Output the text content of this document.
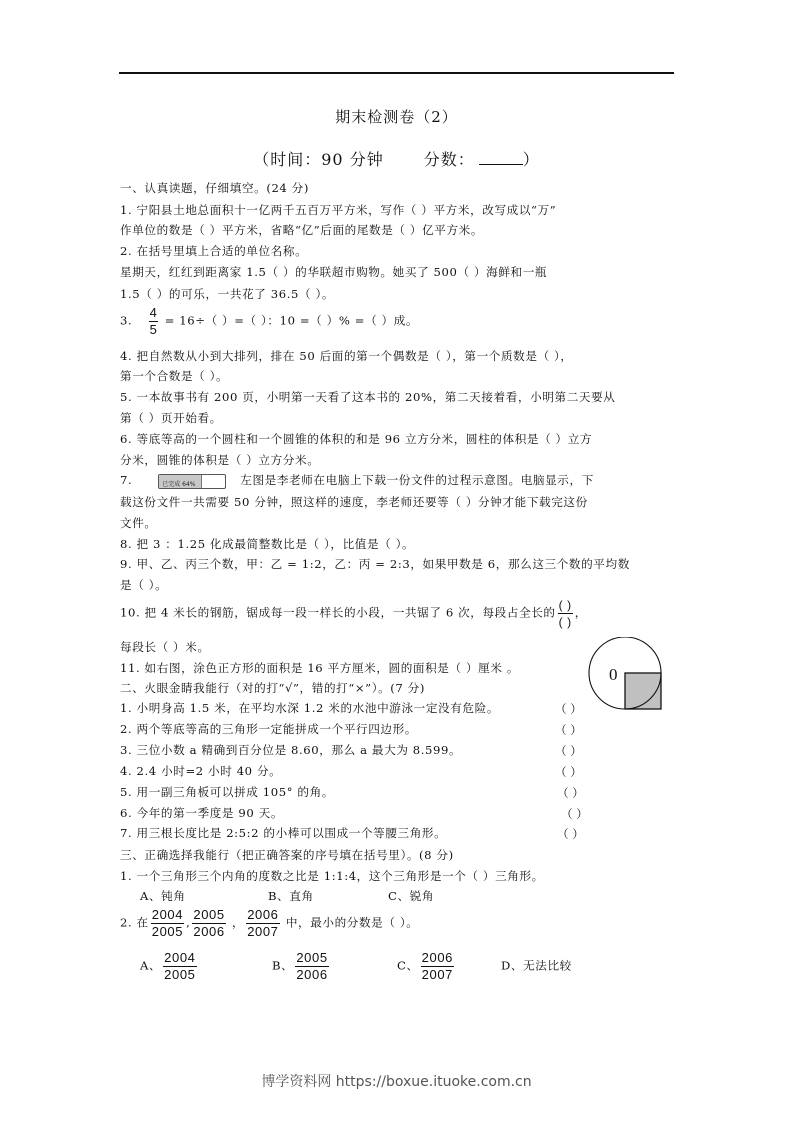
期末检测卷（2）
（时间：90 分钟	分数：	）
一、认真读题，仔细填空。(24 分)
1. 宁阳县土地总面积十一亿两千五百万平方米，写作（ ）平方米，改写成以“万”
作单位的数是（ ）平方米，省略“亿”后面的尾数是（ ）亿平方米。
2. 在括号里填上合适的单位名称。
星期天，红红到距离家 1.5（ ）的华联超市购物。她买了 500（ ）海鲜和一瓶
1.5（ ）的可乐，一共花了 36.5（ ）。
3. $\frac{4}{5} = 16\div$（ ）=（ ）：10 =（ ）% =（ ）成。
4. 把自然数从小到大排列，排在 50 后面的第一个偶数是（ ），第一个质数是（ ），
第一个合数是（ ）。
5. 一本故事书有 200 页，小明第一天看了这本书的 20%，第二天接着看，小明第二天要从
第（ ）页开始看。
6. 等底等高的一个圆柱和一个圆锥的体积的和是 96 立方分米，圆柱的体积是（ ）立方
分米，圆锥的体积是（ ）立方分米。
7.	已完成 64%	左图是李老师在电脑上下载一份文件的过程示意图。电脑显示，下
载这份文件一共需要 50 分钟，照这样的速度，李老师还要等（ ）分钟才能下载完这份
文件。
8. 把 3 ：1.25 化成最简整数比是（ ），比值是（ ）。
9. 甲、乙、丙三个数，甲：乙 = 1:2，乙：丙 = 2:3，如果甲数是 6，那么这三个数的平均数
是（ ）。
10. 把 4 米长的钢筋，锯成每一段一样长的小段，一共锯了 6 次，每段占全长的 $\frac{( )}{( )}$ ，
每段长（ ）米。
11. 如右图，涂色正方形的面积是 16 平方厘米，圆的面积是（ ）厘米 。	0
二、火眼金睛我能行（对的打“√”，错的打“×”）。(7 分)
1. 小明身高 1.5 米，在平均水深 1.2 米的水池中游泳一定没有危险。	（ ）
2. 两个等底等高的三角形一定能拼成一个平行四边形。	（ ）
3. 三位小数 a 精确到百分位是 8.60，那么 a 最大为 8.599。	（ ）
4. 2.4 小时=2 小时 40 分。	（ ）
5. 用一副三角板可以拼成 105° 的角。	（ ）
6. 今年的第一季度是 90 天。	（ ）
7. 用三根长度比是 2:5:2 的小棒可以围成一个等腰三角形。	（ ）
三、正确选择我能行（把正确答案的序号填在括号里）。(8 分)
1. 一个三角形三个内角的度数之比是 1:1:4，这个三角形是一个（ ）三角形。
A、钝角	B、直角	C、锐角
2. 在 $\frac{2004}{2005}$ , $\frac{2005}{2006}$ ， $\frac{2006}{2007}$ 中，最小的分数是（ ）。
A、 $\frac{2004}{2005}$	B、 $\frac{2005}{2006}$	C、 $\frac{2006}{2007}$	D、无法比较
博学资料网 https://boxue.ituoke.com.cn
